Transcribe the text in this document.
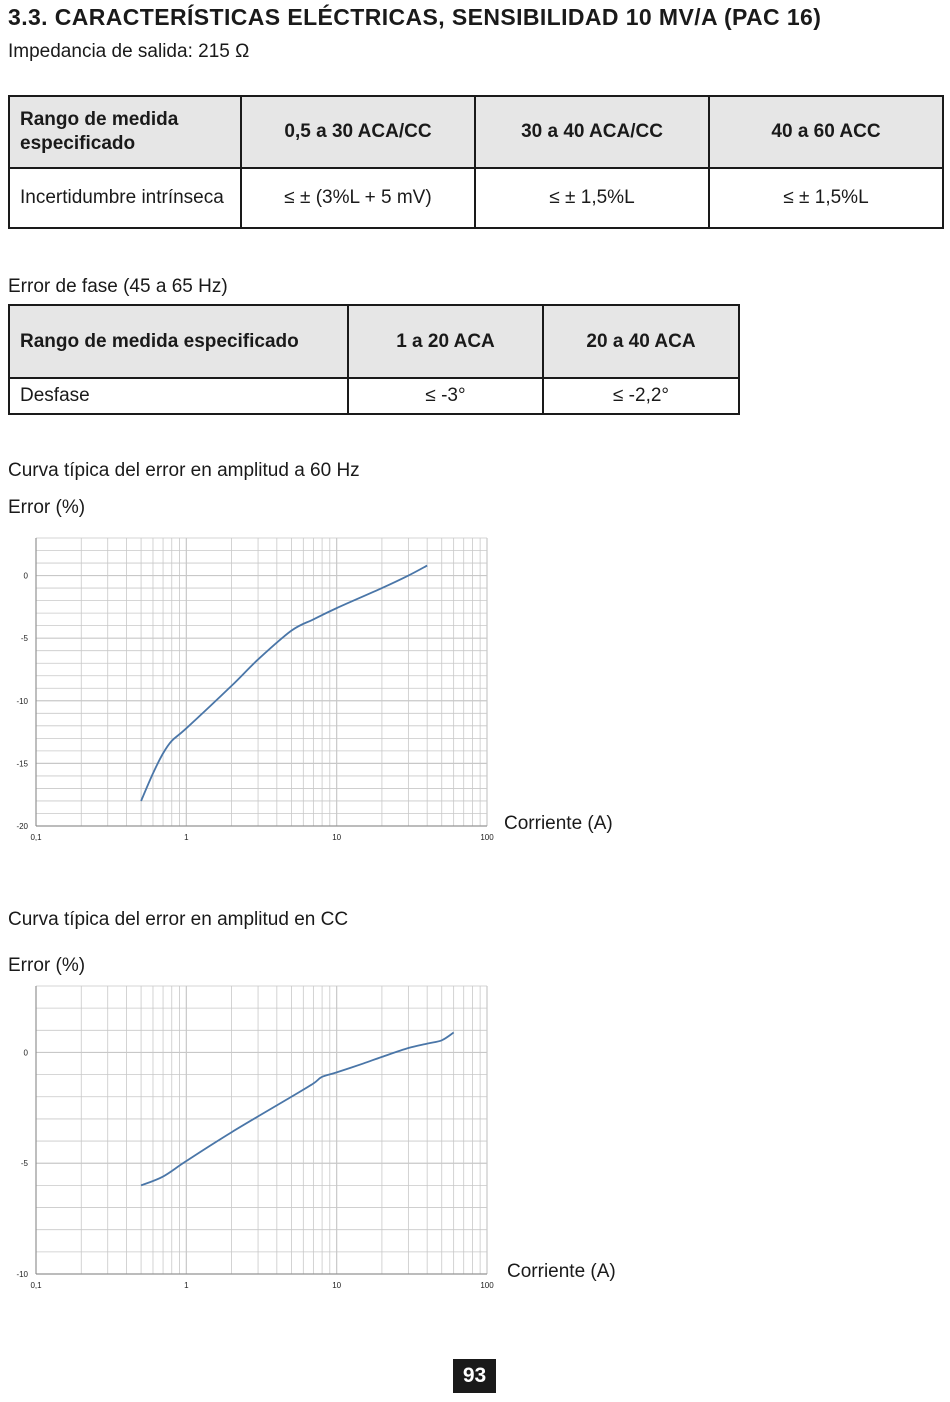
3.3. CARACTERÍSTICAS ELÉCTRICAS, SENSIBILIDAD 10 MV/A (PAC 16)
Impedancia de salida: 215 Ω
Rango de medida especificado	0,5 a 30 ACA/CC	30 a 40 ACA/CC	40 a 60 ACC
Incertidumbre intrínseca	≤ ± (3%L + 5 mV)	≤ ± 1,5%L	≤ ± 1,5%L
Error de fase (45 a 65 Hz)
Rango de medida especificado	1 a 20 ACA	20 a 40 ACA
Desfase	≤ -3°	≤ -2,2°
Curva típica del error en amplitud a 60 Hz
Error (%)
0
-5
-10
-15
-20
0,1	1	10	100
Corriente (A)
Curva típica del error en amplitud en CC
Error (%)
0
-5
-10
0,1	1	10	100
Corriente (A)
93
